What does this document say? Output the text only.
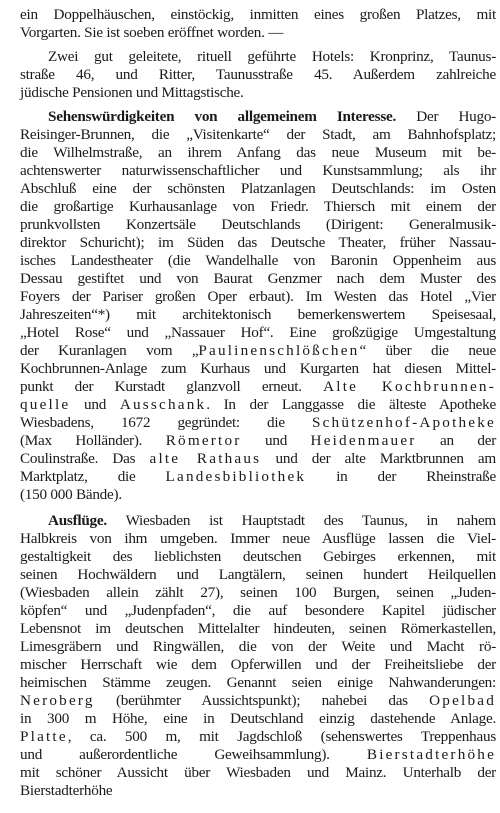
ein Doppelhäuschen, einstöckig, inmitten eines großen Platzes, mit
Vorgarten. Sie ist soeben eröffnet worden. —
Zwei gut geleitete, rituell geführte Hotels: Kronprinz, Taunus-
straße 46, und Ritter, Taunusstraße 45. Außerdem zahlreiche
jüdische Pensionen und Mittagstische.
Sehenswürdigkeiten von allgemeinem Interesse. Der Hugo-
Reisinger-Brunnen, die „Visitenkarte“ der Stadt, am Bahnhofsplatz;
die Wilhelmstraße, an ihrem Anfang das neue Museum mit be-
achtenswerter naturwissenschaftlicher und Kunstsammlung; als ihr
Abschluß eine der schönsten Platzanlagen Deutschlands: im Osten
die großartige Kurhausanlage von Friedr. Thiersch mit einem der
prunkvollsten Konzertsäle Deutschlands (Dirigent: Generalmusik-
direktor Schuricht); im Süden das Deutsche Theater, früher Nassau-
isches Landestheater (die Wandelhalle von Baronin Oppenheim aus
Dessau gestiftet und von Baurat Genzmer nach dem Muster des
Foyers der Pariser großen Oper erbaut). Im Westen das Hotel „Vier
Jahreszeiten“*) mit architektonisch bemerkenswertem Speisesaal,
„Hotel Rose“ und „Nassauer Hof“. Eine großzügige Umgestaltung
der Kuranlagen vom „Paulinenschlößchen“ über die neue
Kochbrunnen-Anlage zum Kurhaus und Kurgarten hat diesen Mittel-
punkt der Kurstadt glanzvoll erneut. Alte Kochbrunnen-
quelle und Ausschank. In der Langgasse die älteste Apotheke
Wiesbadens, 1672 gegründet: die Schützenhof-Apotheke
(Max Holländer). Römertor und Heidenmauer an der
Coulinstraße. Das alte Rathaus und der alte Marktbrunnen am
Marktplatz, die Landesbibliothek in der Rheinstraße
(150 000 Bände).
Ausflüge. Wiesbaden ist Hauptstadt des Taunus, in nahem
Halbkreis von ihm umgeben. Immer neue Ausflüge lassen die Viel-
gestaltigkeit des lieblichsten deutschen Gebirges erkennen, mit
seinen Hochwäldern und Langtälern, seinen hundert Heilquellen
(Wiesbaden allein zählt 27), seinen 100 Burgen, seinen „Juden-
köpfen“ und „Judenpfaden“, die auf besondere Kapitel jüdischer
Lebensnot im deutschen Mittelalter hindeuten, seinen Römerkastellen,
Limesgräbern und Ringwällen, die von der Weite und Macht rö-
mischer Herrschaft wie dem Opferwillen und der Freiheitsliebe der
heimischen Stämme zeugen. Genannt seien einige Nahwanderungen:
Neroberg (berühmter Aussichtspunkt); nahebei das Opelbad
in 300 m Höhe, eine in Deutschland einzig dastehende Anlage.
Platte, ca. 500 m, mit Jagdschloß (sehenswertes Treppenhaus
und außerordentliche Geweihsammlung). Bierstadterhöhe
mit schöner Aussicht über Wiesbaden und Mainz. Unterhalb der
Bierstadterhöhe
